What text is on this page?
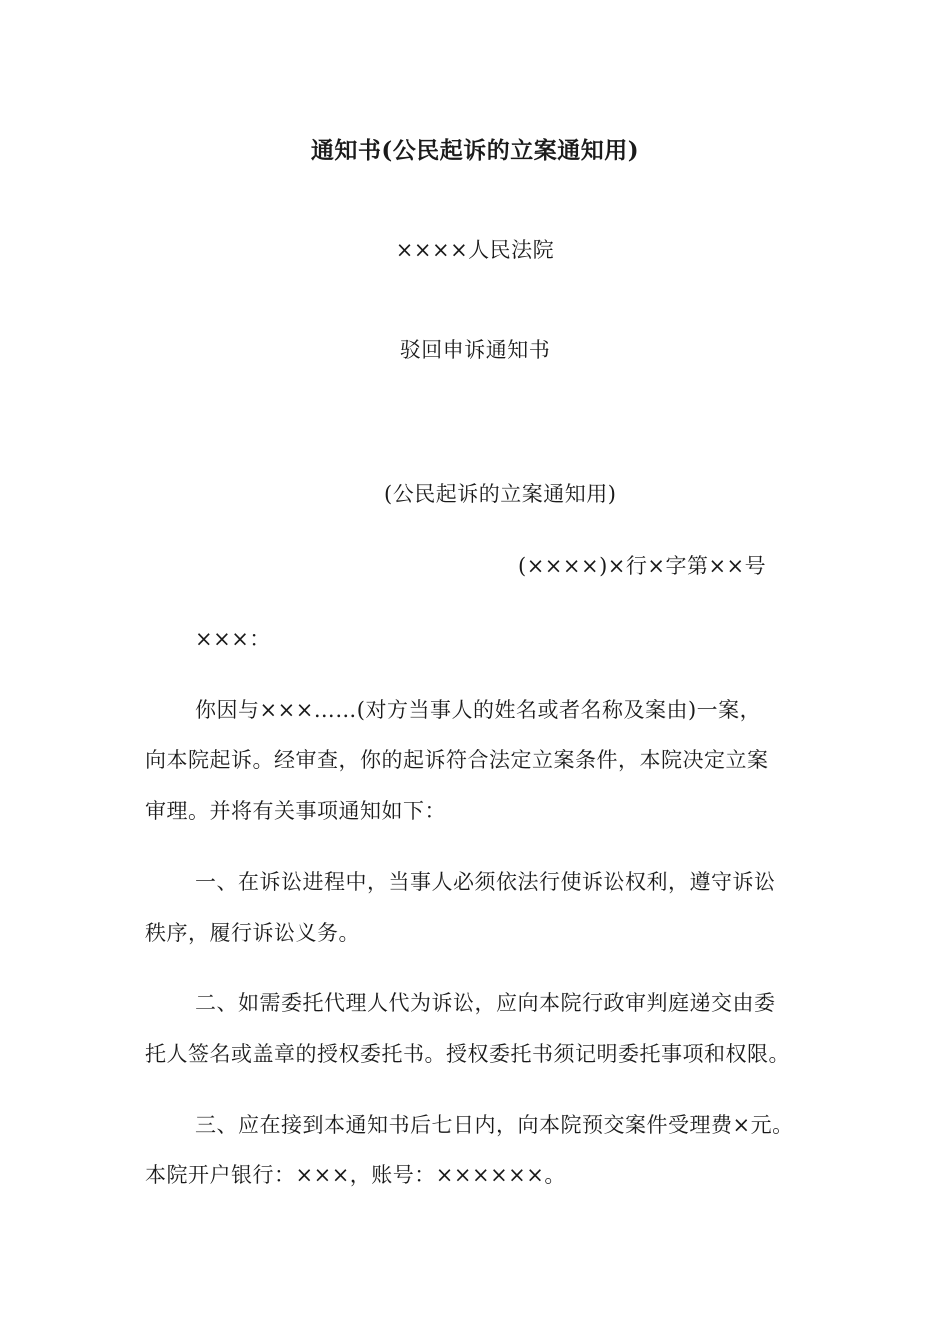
通知书(公民起诉的立案通知用)
××××人民法院
驳回申诉通知书
(公民起诉的立案通知用)
(××××)×行×字第××号
×××：
你因与×××……(对方当事人的姓名或者名称及案由)一案，
向本院起诉。经审查，你的起诉符合法定立案条件，本院决定立案
审理。并将有关事项通知如下：
一、在诉讼进程中，当事人必须依法行使诉讼权利，遵守诉讼
秩序，履行诉讼义务。
二、如需委托代理人代为诉讼，应向本院行政审判庭递交由委
托人签名或盖章的授权委托书。授权委托书须记明委托事项和权限。
三、应在接到本通知书后七日内，向本院预交案件受理费×元。
本院开户银行：×××，账号：××××××。
